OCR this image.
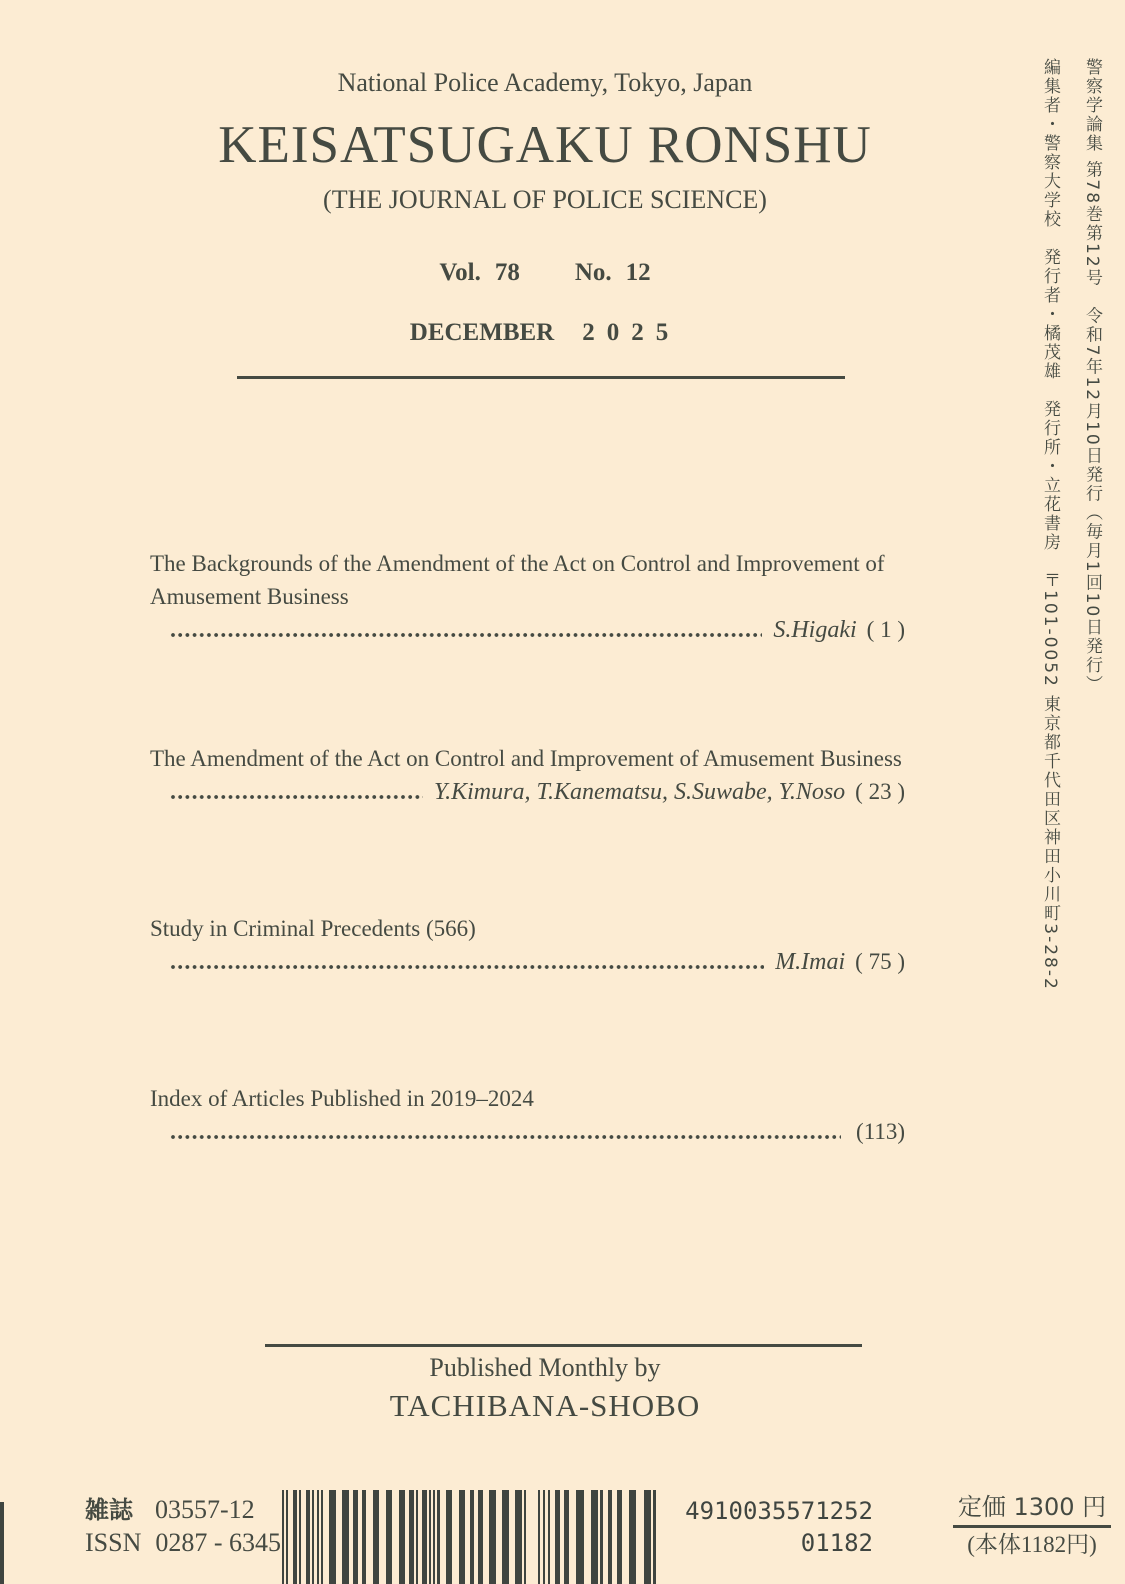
National Police Academy, Tokyo, Japan
KEISATSUGAKU RONSHU
(THE JOURNAL OF POLICE SCIENCE)
Vol. 78 No. 12
DECEMBER 2025
The Backgrounds of the Amendment of the Act on Control and Improvement of
Amusement Business
S.Higaki ( 1 )
The Amendment of the Act on Control and Improvement of Amusement Business
Y.Kimura, T.Kanematsu, S.Suwabe, Y.Noso ( 23 )
Study in Criminal Precedents (566)
M.Imai ( 75 )
Index of Articles Published in 2019–2024
(113)
Published Monthly by
TACHIBANA-SHOBO
警察学論集 第78巻第12号　令和7年12月10日発行（毎月1回10日発行）
編集者・警察大学校　発行者・橘茂雄　発行所・立花書房　〒101-0052 東京都千代田区神田小川町3-28-2
雑誌 03557-12
ISSN 0287 - 6345
4910035571252
01182
定価 1300 円
(本体1182円)
